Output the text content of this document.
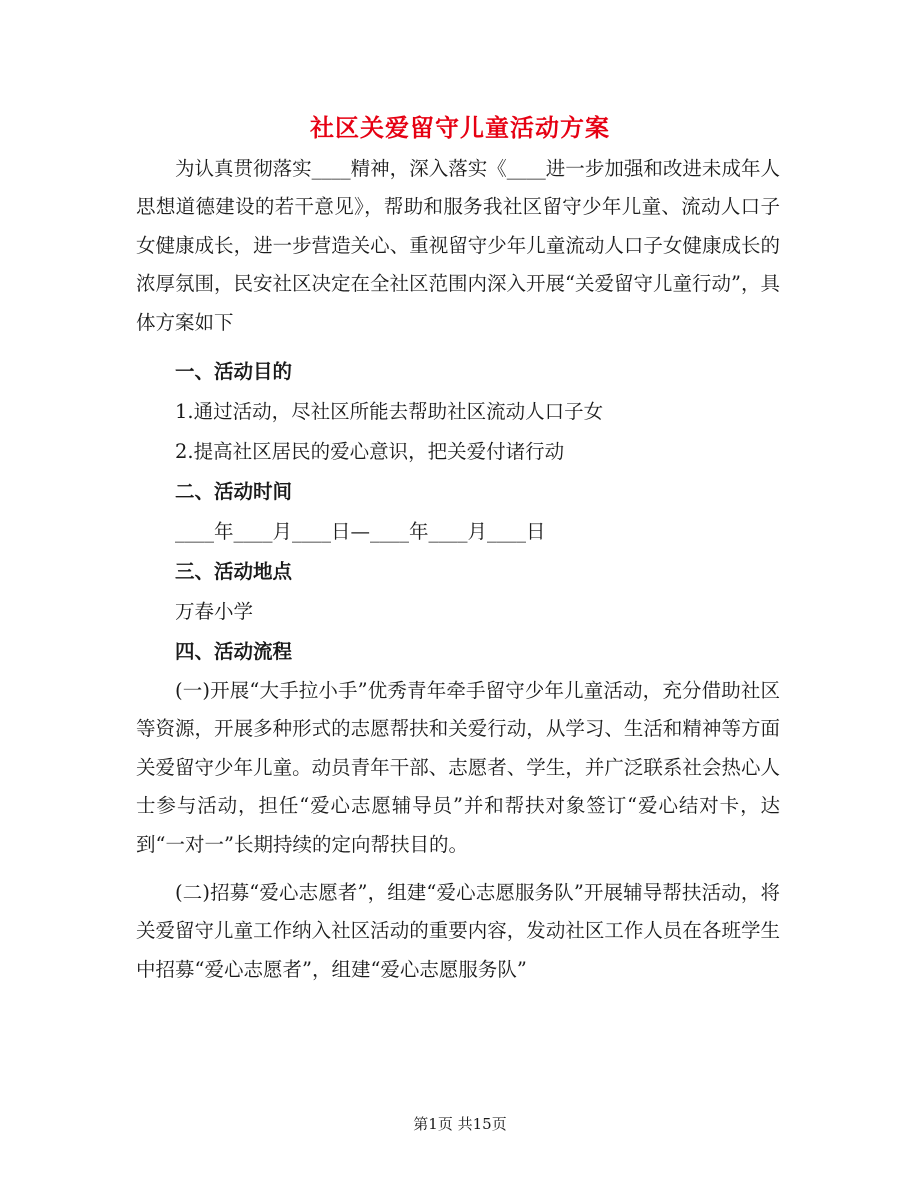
社区关爱留守儿童活动方案

为认真贯彻落实____精神，深入落实《____进一步加强和改进未成年人思想道德建设的若干意见》，帮助和服务我社区留守少年儿童、流动人口子女健康成长，进一步营造关心、重视留守少年儿童流动人口子女健康成长的浓厚氛围，民安社区决定在全社区范围内深入开展“关爱留守儿童行动”，具体方案如下

一、活动目的

1.通过活动，尽社区所能去帮助社区流动人口子女

2.提高社区居民的爱心意识，把关爱付诸行动

二、活动时间

____年____月____日—____年____月____日

三、活动地点

万春小学

四、活动流程

(一)开展“大手拉小手”优秀青年牵手留守少年儿童活动，充分借助社区等资源，开展多种形式的志愿帮扶和关爱行动，从学习、生活和精神等方面关爱留守少年儿童。动员青年干部、志愿者、学生，并广泛联系社会热心人士参与活动，担任“爱心志愿辅导员”并和帮扶对象签订“爱心结对卡，达到“一对一”长期持续的定向帮扶目的。

(二)招募“爱心志愿者”，组建“爱心志愿服务队”开展辅导帮扶活动，将关爱留守儿童工作纳入社区活动的重要内容，发动社区工作人员在各班学生中招募“爱心志愿者”，组建“爱心志愿服务队”

第1页 共15页
